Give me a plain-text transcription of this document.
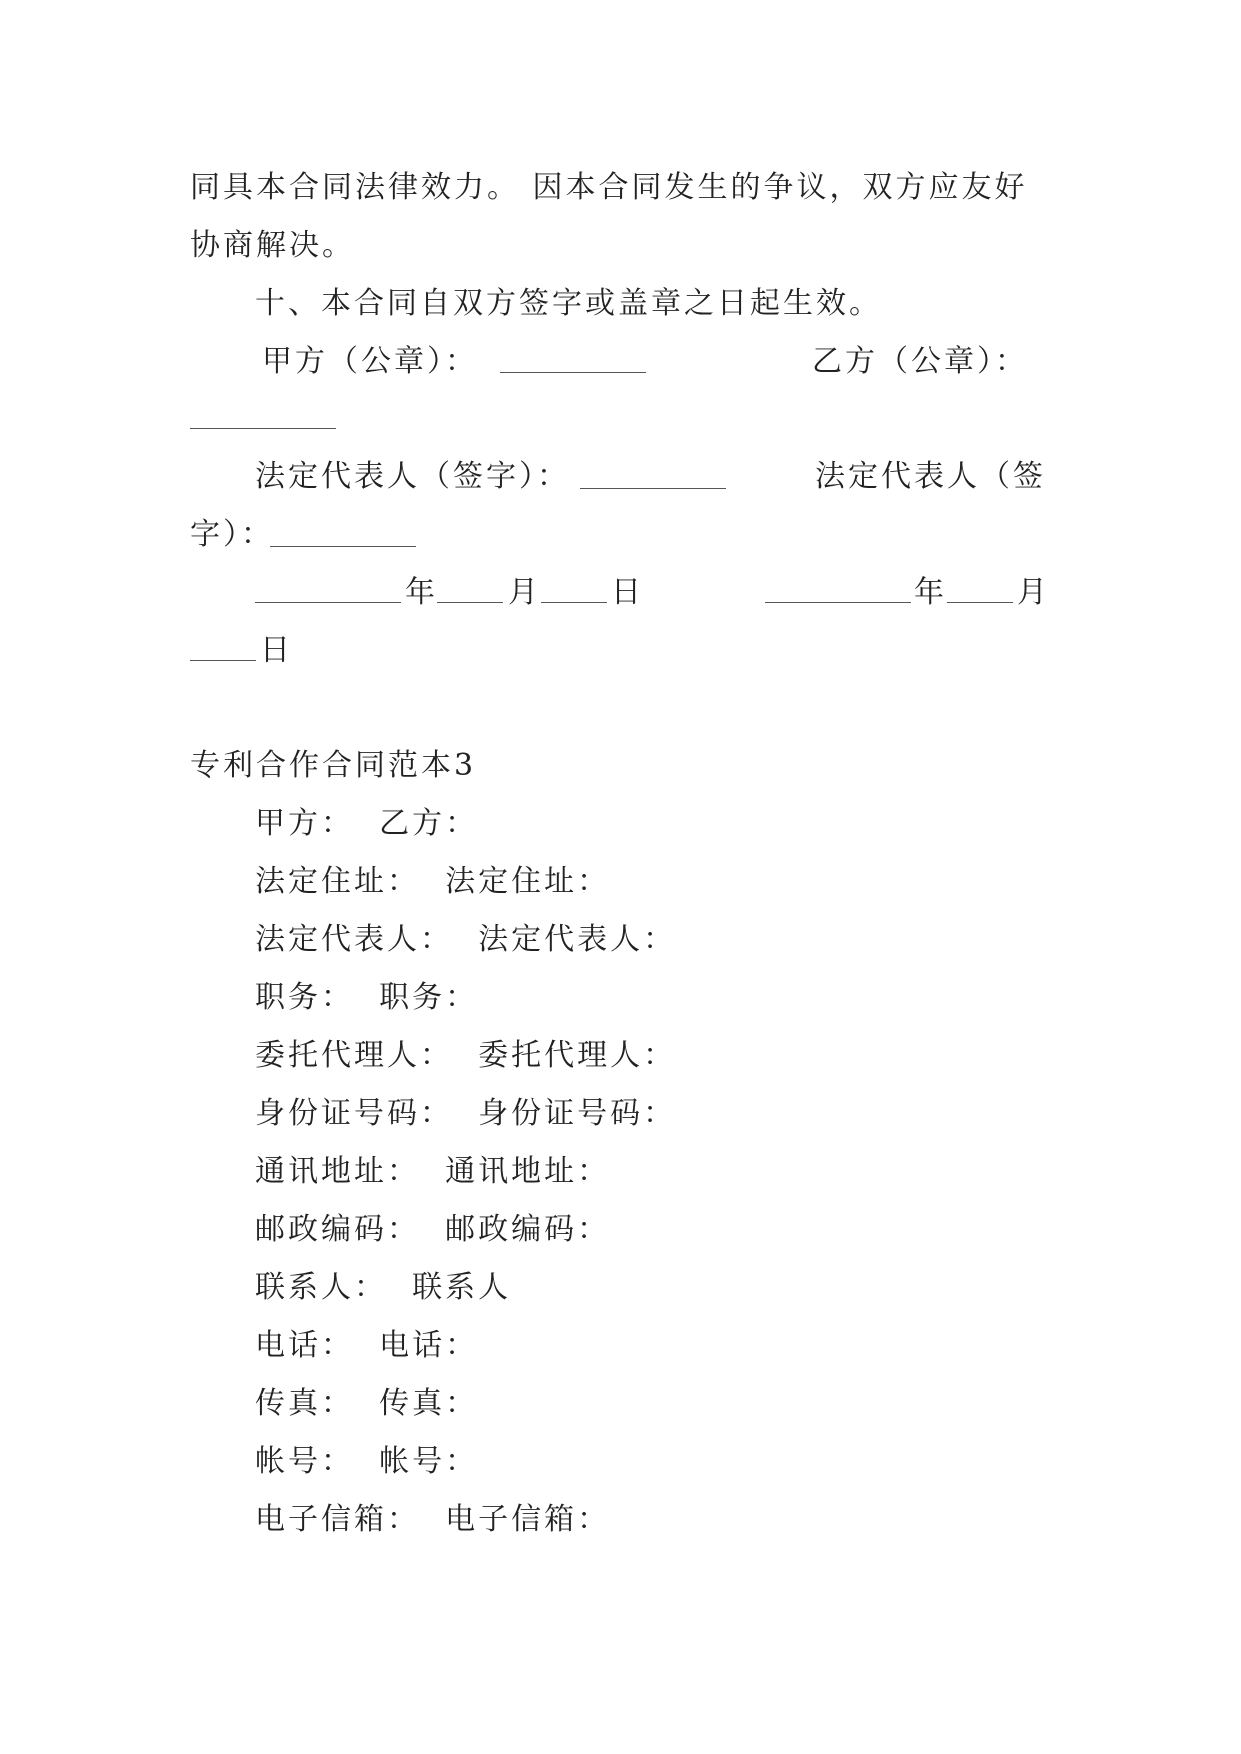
同具本合同法律效力。 因本合同发生的争议，双方应友好
协商解决。
十、本合同自双方签字或盖章之日起生效。
甲方（公章）：	乙方（公章）：
法定代表人（签字）：	法定代表人（签
字）：
年 月 日	年 月
日
专利合作合同范本3
甲方：  乙方：
法定住址：  法定住址：
法定代表人：  法定代表人：
职务：  职务：
委托代理人：  委托代理人：
身份证号码：  身份证号码：
通讯地址：  通讯地址：
邮政编码：  邮政编码：
联系人：  联系人
电话：  电话：
传真：  传真：
帐号：  帐号：
电子信箱：  电子信箱：
